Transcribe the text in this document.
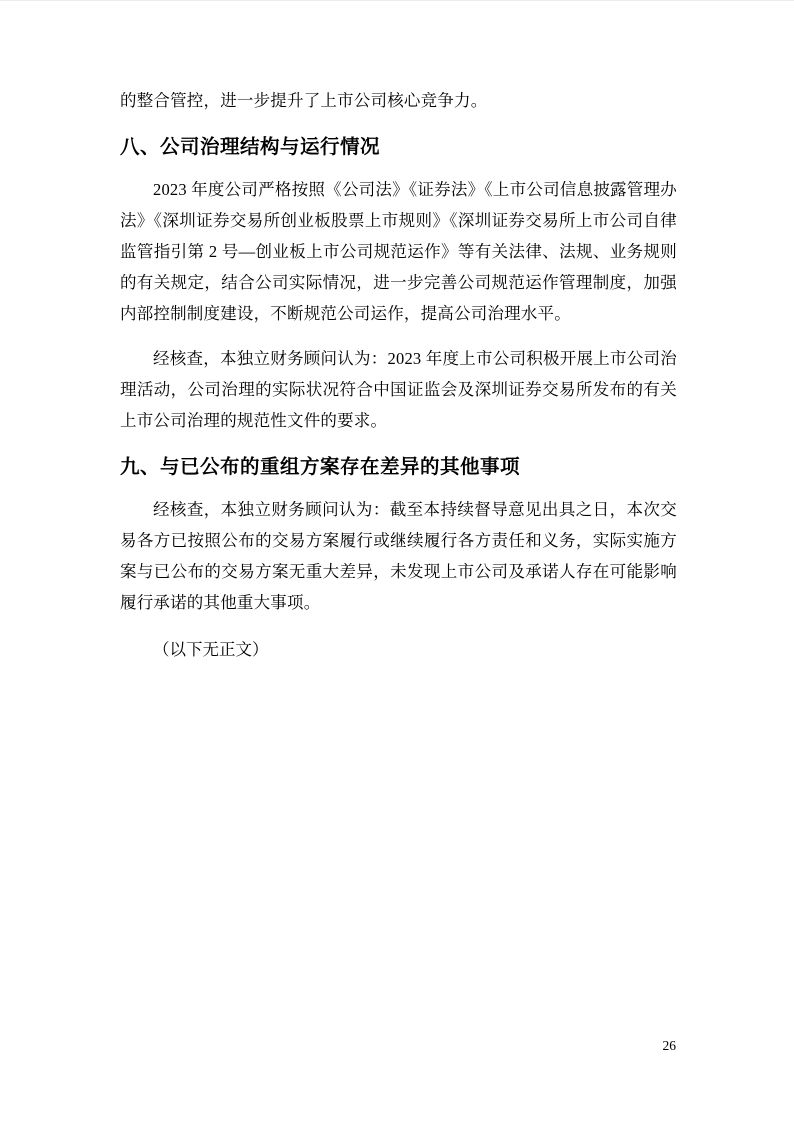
的整合管控，进一步提升了上市公司核心竞争力。

八、公司治理结构与运行情况

2023 年度公司严格按照《公司法》《证券法》《上市公司信息披露管理办法》《深圳证券交易所创业板股票上市规则》《深圳证券交易所上市公司自律监管指引第 2 号—创业板上市公司规范运作》等有关法律、法规、业务规则的有关规定，结合公司实际情况，进一步完善公司规范运作管理制度，加强内部控制制度建设，不断规范公司运作，提高公司治理水平。

经核查，本独立财务顾问认为：2023 年度上市公司积极开展上市公司治理活动，公司治理的实际状况符合中国证监会及深圳证券交易所发布的有关上市公司治理的规范性文件的要求。

九、与已公布的重组方案存在差异的其他事项

经核查，本独立财务顾问认为：截至本持续督导意见出具之日，本次交易各方已按照公布的交易方案履行或继续履行各方责任和义务，实际实施方案与已公布的交易方案无重大差异，未发现上市公司及承诺人存在可能影响履行承诺的其他重大事项。

（以下无正文）

26
